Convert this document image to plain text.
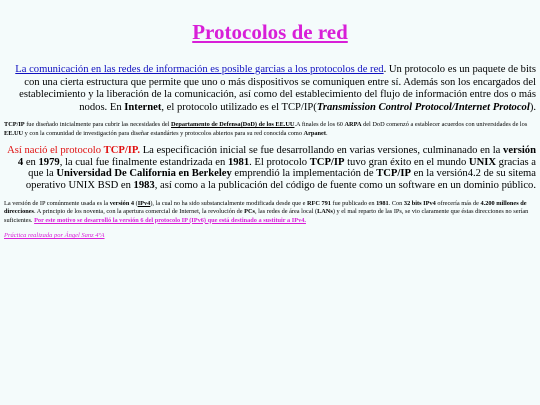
Protocolos de red

La comunicación en las redes de información es posible garcias a los protocolos de red. Un protocolo es un paquete de bits con una cierta estructura que permite que uno o más dispositivos se comuniquen entre sí. Además son los encargados del establecimiento y la liberación de la comunicación, así como del establecimiento del flujo de información entre dos o más nodos. En Internet, el protocolo utilizado es el TCP/IP(Transmission Control Protocol/Internet Protocol).

TCP/IP fue diseñado inicialmente para cubrir las necesidades del Departamento de Defensa(DoD) de los EE.UU.A finales de los 60 ARPA del DoD comenzó a establecer acuerdos con universidades de los EE.UU y con la comunidad de investigación para diseñar estandártes y protocolos abiertos para su red conocida como Arpanet.

Así nació el protocolo TCP/IP. La especificación inicial se fue desarrollando en varias versiones, culminanado en la versión 4 en 1979, la cual fue finalmente estandrizada en 1981. El protocolo TCP/IP tuvo gran éxito en el mundo UNIX gracias a que la Universidad De California en Berkeley emprendió la implementación de TCP/IP en la versión4.2 de su sitema operativo UNIX BSD en 1983, así como a la publicación del código de fuente como un software en un dominio público.

La versión de IP comúnmente usada es la versión 4 (IPv4), la cual no ha sido substancialmente modificada desde que e RFC 791 fue publicado en 1981. Con 32 bits IPv4 ofrecería más de 4.200 millones de direcciones. A principio de los noventa, con la apertura comercial de Internet, la revolución de PCs, las redes de área local (LANs) y el mal reparto de las IPs, se vio claramente que éstas direcciones no serían suficientes. Por este motivo se desarrolló la versión 6 del protocolo IP (IPv6) que está destinado a sustituir a IPv4.

Práctica realizada por Ángel Sanz 4ºA
